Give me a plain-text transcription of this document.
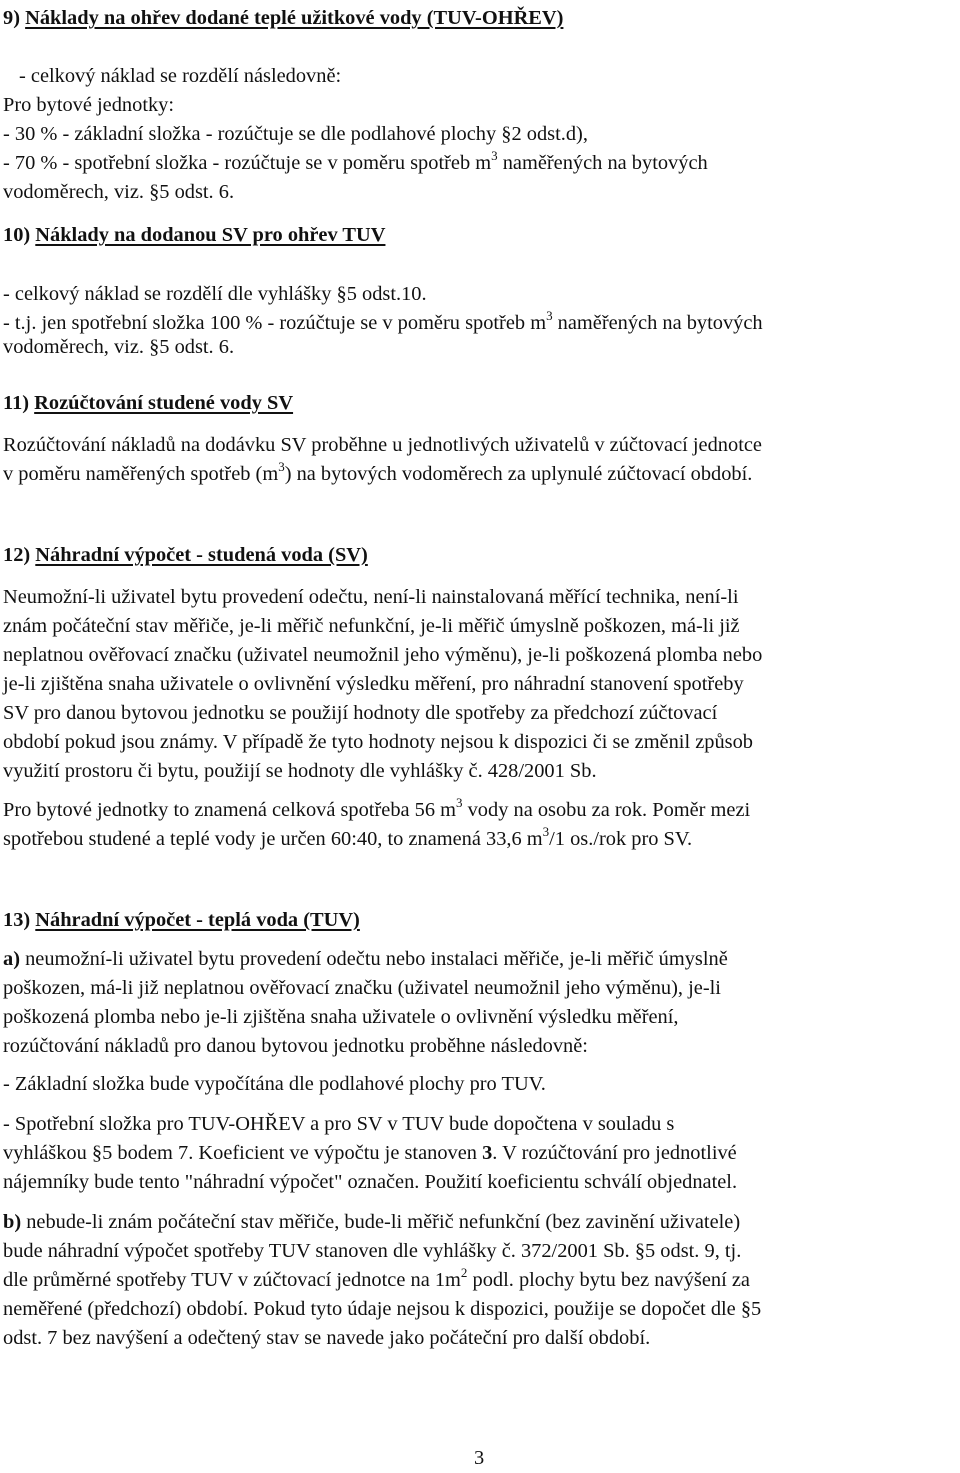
9) Náklady na ohřev dodané teplé užitkové vody (TUV-OHŘEV)
- celkový náklad se rozdělí následovně:
Pro bytové jednotky:
- 30 % - základní složka - rozúčtuje se dle podlahové plochy §2 odst.d),
- 70 % - spotřební složka - rozúčtuje se v poměru spotřeb $m^3$ naměřených na bytových
vodoměrech, viz. §5 odst. 6.
10) Náklady na dodanou SV pro ohřev TUV
- celkový náklad se rozdělí dle vyhlášky §5 odst.10.
- t.j. jen spotřební složka 100 % - rozúčtuje se v poměru spotřeb $m^3$ naměřených na bytových
vodoměrech, viz. §5 odst. 6.
11) Rozúčtování studené vody SV
Rozúčtování nákladů na dodávku SV proběhne u jednotlivých uživatelů v zúčtovací jednotce
v poměru naměřených spotřeb $(m^3)$ na bytových vodoměrech za uplynulé zúčtovací období.
12) Náhradní výpočet - studená voda (SV)
Neumožní-li uživatel bytu provedení odečtu, není-li nainstalovaná měřící technika, není-li
znám počáteční stav měřiče, je-li měřič nefunkční, je-li měřič úmyslně poškozen, má-li již
neplatnou ověřovací značku (uživatel neumožnil jeho výměnu), je-li poškozená plomba nebo
je-li zjištěna snaha uživatele o ovlivnění výsledku měření, pro náhradní stanovení spotřeby
SV pro danou bytovou jednotku se použijí hodnoty dle spotřeby za předchozí zúčtovací
období pokud jsou známy. V případě že tyto hodnoty nejsou k dispozici či se změnil způsob
využití prostoru či bytu, použijí se hodnoty dle vyhlášky č. 428/2001 Sb.
Pro bytové jednotky to znamená celková spotřeba 56 $m^3$ vody na osobu za rok. Poměr mezi
spotřebou studené a teplé vody je určen 60:40, to znamená 33,6 $m^3/1$ os./rok pro SV.
13) Náhradní výpočet - teplá voda (TUV)
a) neumožní-li uživatel bytu provedení odečtu nebo instalaci měřiče, je-li měřič úmyslně
poškozen, má-li již neplatnou ověřovací značku (uživatel neumožnil jeho výměnu), je-li
poškozená plomba nebo je-li zjištěna snaha uživatele o ovlivnění výsledku měření,
rozúčtování nákladů pro danou bytovou jednotku proběhne následovně:
- Základní složka bude vypočítána dle podlahové plochy pro TUV.
- Spotřební složka pro TUV-OHŘEV a pro SV v TUV bude dopočtena v souladu s
vyhláškou §5 bodem 7. Koeficient ve výpočtu je stanoven 3. V rozúčtování pro jednotlivé
nájemníky bude tento "náhradní výpočet" označen. Použití koeficientu schválí objednatel.
b) nebude-li znám počáteční stav měřiče, bude-li měřič nefunkční (bez zavinění uživatele)
bude náhradní výpočet spotřeby TUV stanoven dle vyhlášky č. 372/2001 Sb. §5 odst. 9, tj.
dle průměrné spotřeby TUV v zúčtovací jednotce na $1m^2$ podl. plochy bytu bez navýšení za
neměřené (předchozí) období. Pokud tyto údaje nejsou k dispozici, použije se dopočet dle §5
odst. 7 bez navýšení a odečtený stav se navede jako počáteční pro další období.
3
